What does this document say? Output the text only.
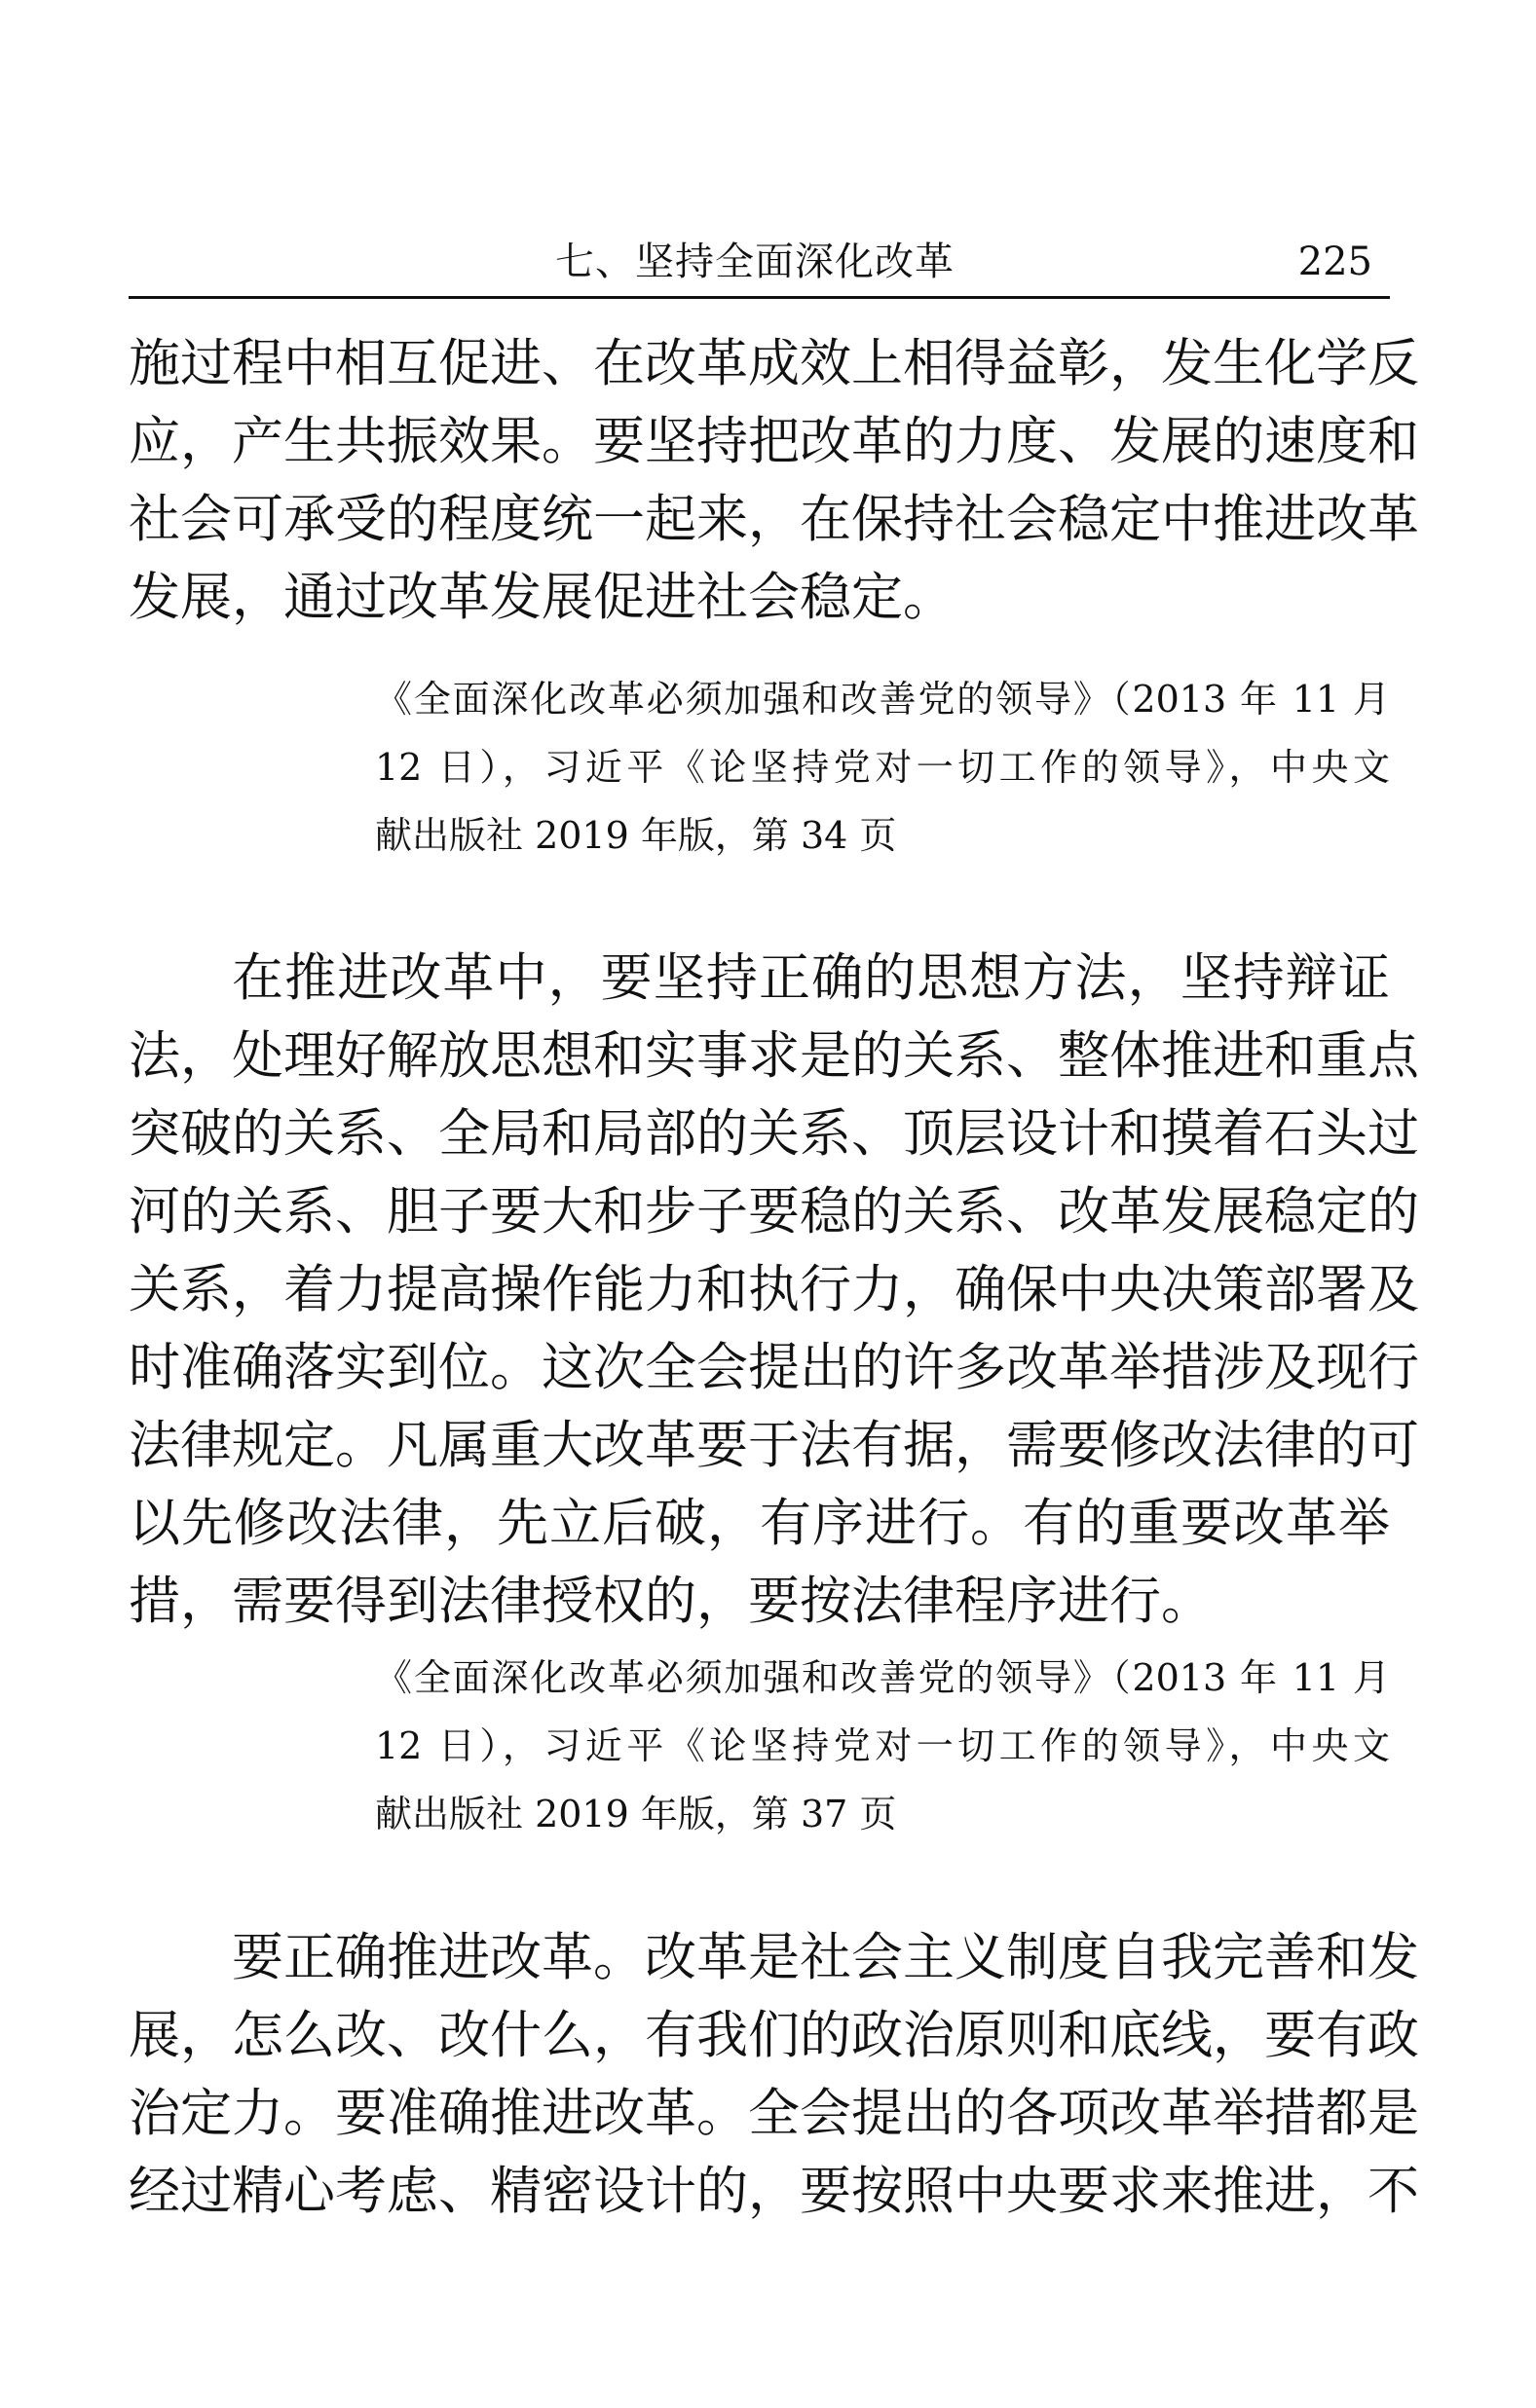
七、坚持全面深化改革	225
施过程中相互促进、在改革成效上相得益彰，发生化学反
应，产生共振效果。要坚持把改革的力度、发展的速度和
社会可承受的程度统一起来，在保持社会稳定中推进改革
发展，通过改革发展促进社会稳定。
《全面深化改革必须加强和改善党的领导》（2013 年 11 月
12 日），习近平《论坚持党对一切工作的领导》，中央文
献出版社 2019 年版，第 34 页
在推进改革中，要坚持正确的思想方法，坚持辩证
法，处理好解放思想和实事求是的关系、整体推进和重点
突破的关系、全局和局部的关系、顶层设计和摸着石头过
河的关系、胆子要大和步子要稳的关系、改革发展稳定的
关系，着力提高操作能力和执行力，确保中央决策部署及
时准确落实到位。这次全会提出的许多改革举措涉及现行
法律规定。凡属重大改革要于法有据，需要修改法律的可
以先修改法律，先立后破，有序进行。有的重要改革举
措，需要得到法律授权的，要按法律程序进行。
《全面深化改革必须加强和改善党的领导》（2013 年 11 月
12 日），习近平《论坚持党对一切工作的领导》，中央文
献出版社 2019 年版，第 37 页
要正确推进改革。改革是社会主义制度自我完善和发
展，怎么改、改什么，有我们的政治原则和底线，要有政
治定力。要准确推进改革。全会提出的各项改革举措都是
经过精心考虑、精密设计的，要按照中央要求来推进，不
